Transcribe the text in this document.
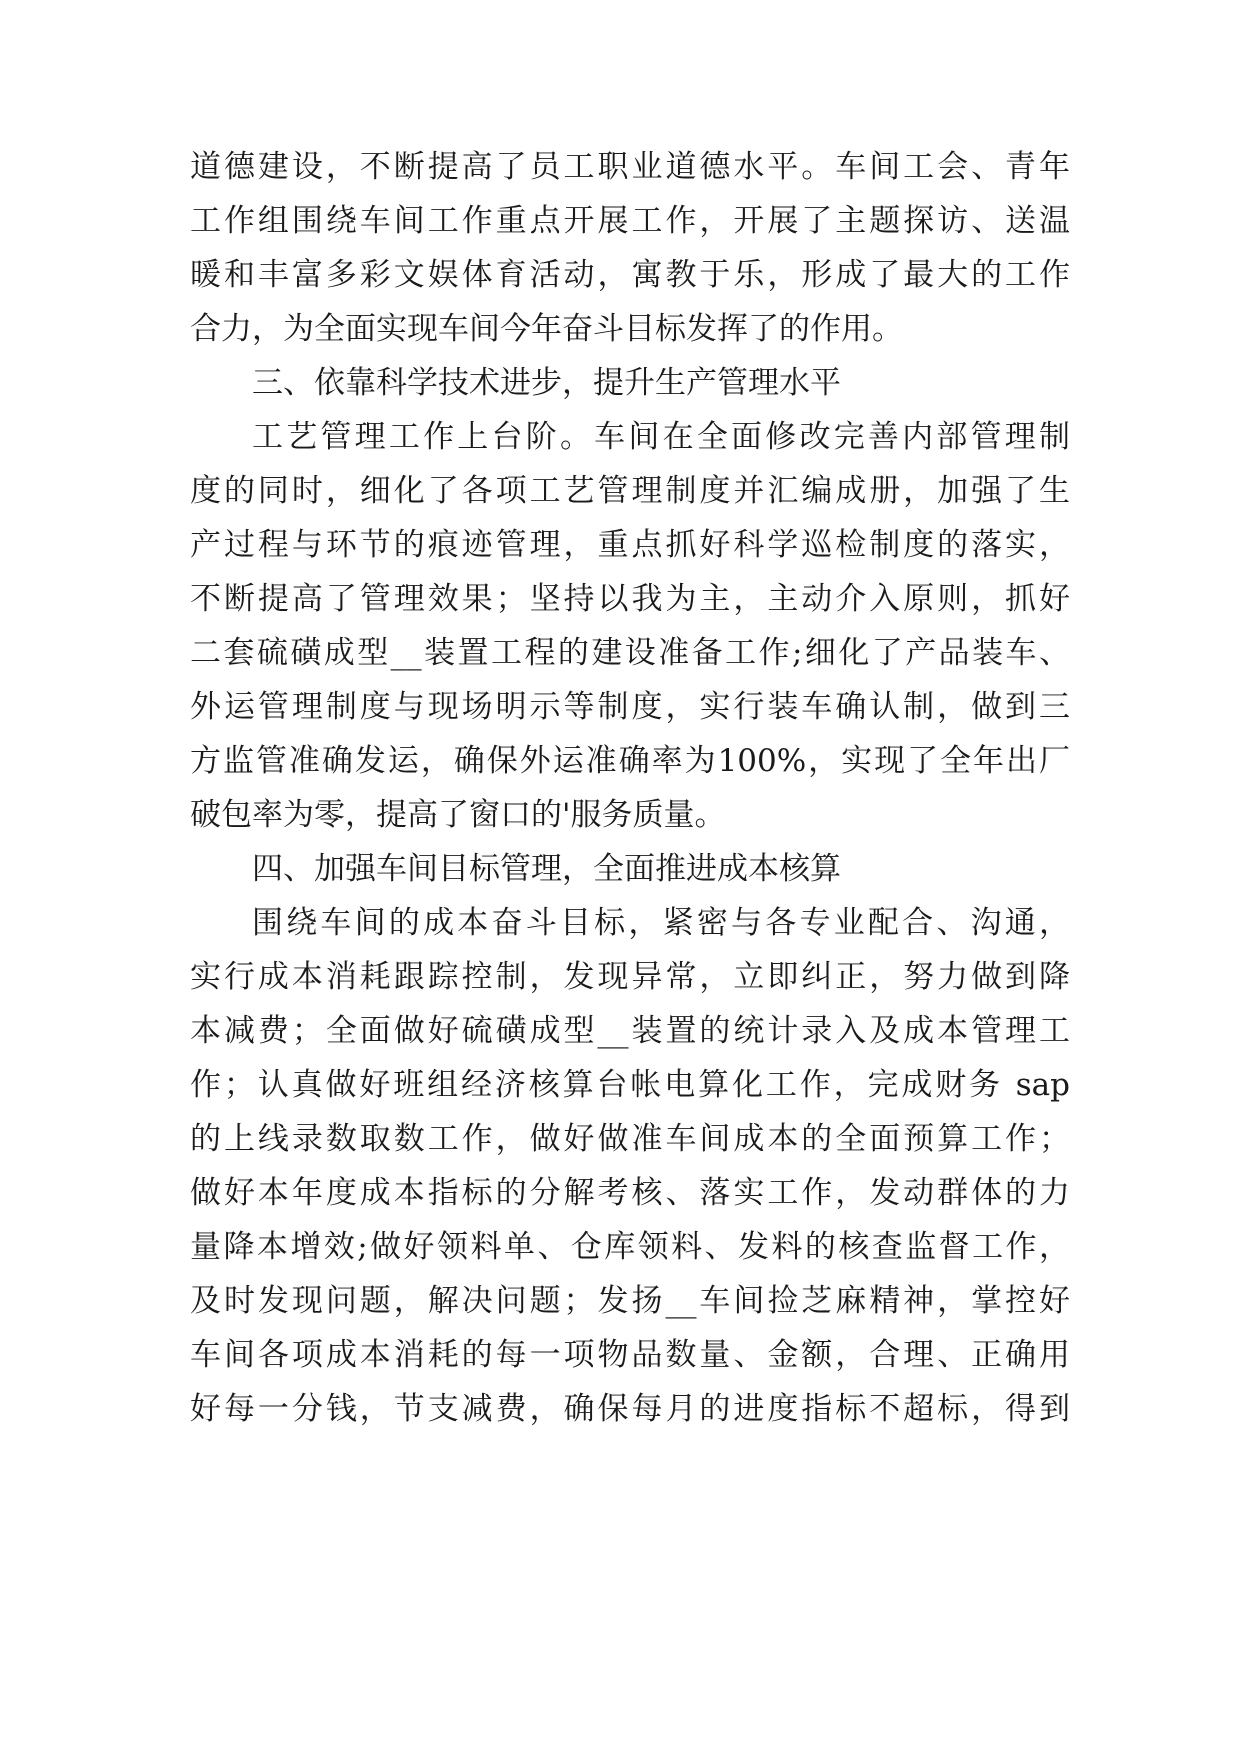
道德建设，不断提高了员工职业道德水平。车间工会、青年
工作组围绕车间工作重点开展工作，开展了主题探访、送温
暖和丰富多彩文娱体育活动，寓教于乐，形成了最大的工作
合力，为全面实现车间今年奋斗目标发挥了的作用。
三、依靠科学技术进步，提升生产管理水平
工艺管理工作上台阶。车间在全面修改完善内部管理制
度的同时，细化了各项工艺管理制度并汇编成册，加强了生
产过程与环节的痕迹管理，重点抓好科学巡检制度的落实，
不断提高了管理效果；坚持以我为主，主动介入原则，抓好
二套硫磺成型__装置工程的建设准备工作;细化了产品装车、
外运管理制度与现场明示等制度，实行装车确认制，做到三
方监管准确发运，确保外运准确率为100%，实现了全年出厂
破包率为零，提高了窗口的'服务质量。
四、加强车间目标管理，全面推进成本核算
围绕车间的成本奋斗目标，紧密与各专业配合、沟通，
实行成本消耗跟踪控制，发现异常，立即纠正，努力做到降
本减费；全面做好硫磺成型__装置的统计录入及成本管理工
作；认真做好班组经济核算台帐电算化工作，完成财务 sap
的上线录数取数工作，做好做准车间成本的全面预算工作；
做好本年度成本指标的分解考核、落实工作，发动群体的力
量降本增效;做好领料单、仓库领料、发料的核查监督工作，
及时发现问题，解决问题；发扬__车间捡芝麻精神，掌控好
车间各项成本消耗的每一项物品数量、金额，合理、正确用
好每一分钱，节支减费，确保每月的进度指标不超标，得到
